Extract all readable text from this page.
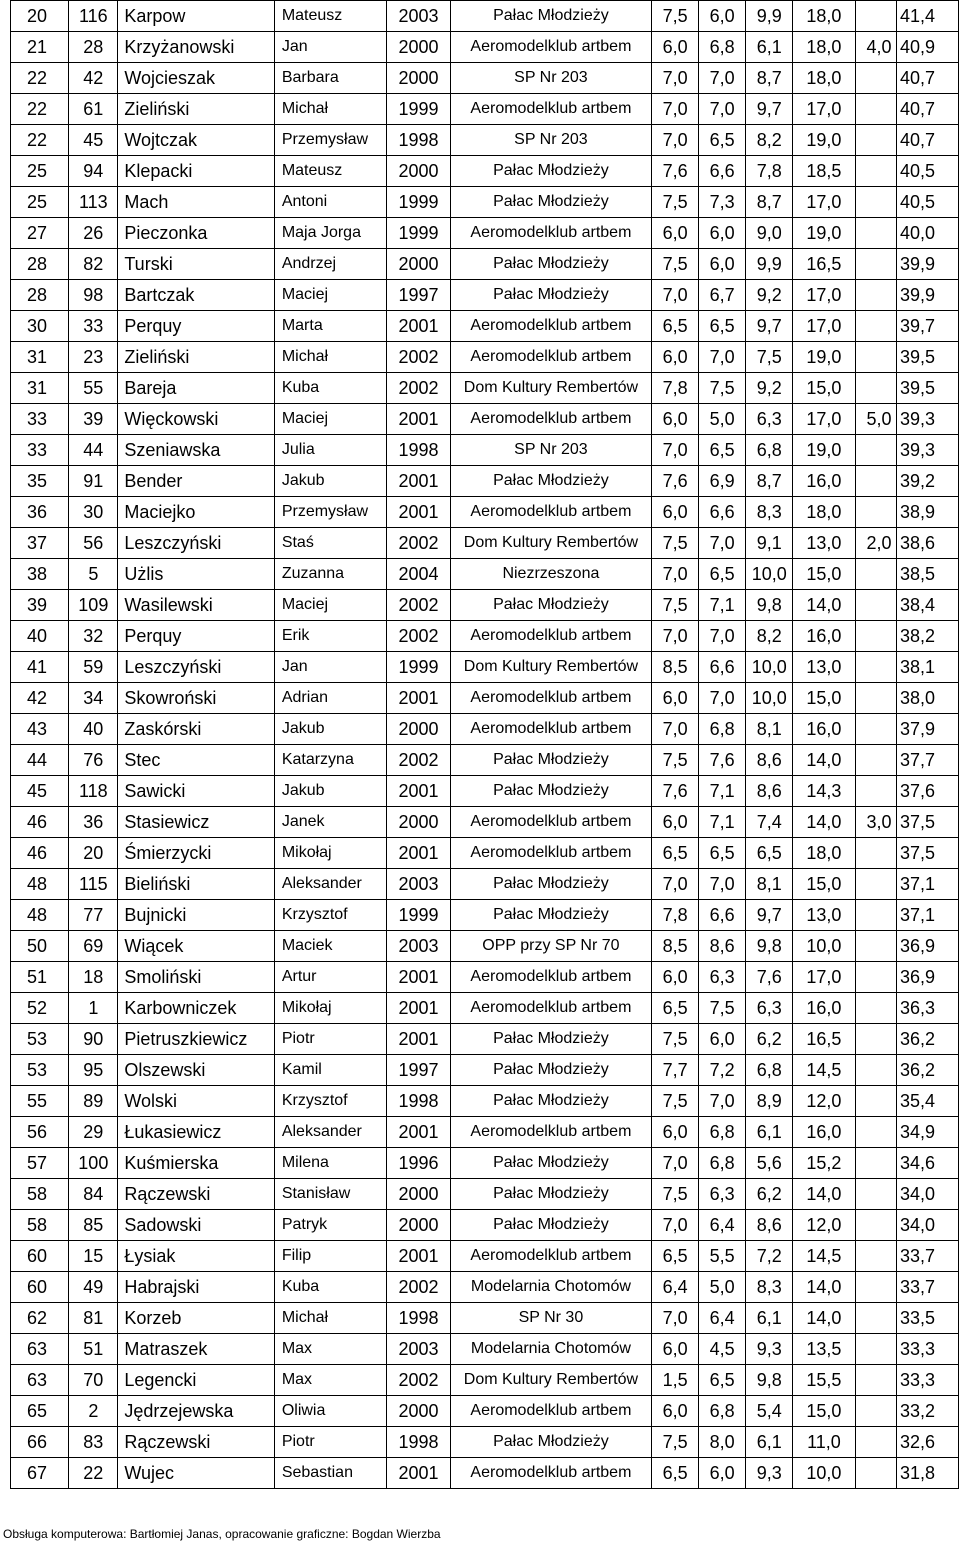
20	116	Karpow	Mateusz	2003	Pałac Młodzieży	7,5	6,0	9,9	18,0		41,4
21	28	Krzyżanowski	Jan	2000	Aeromodelklub artbem	6,0	6,8	6,1	18,0	4,0	40,9
22	42	Wojcieszak	Barbara	2000	SP Nr 203	7,0	7,0	8,7	18,0		40,7
22	61	Zieliński	Michał	1999	Aeromodelklub artbem	7,0	7,0	9,7	17,0		40,7
22	45	Wojtczak	Przemysław	1998	SP Nr 203	7,0	6,5	8,2	19,0		40,7
25	94	Klepacki	Mateusz	2000	Pałac Młodzieży	7,6	6,6	7,8	18,5		40,5
25	113	Mach	Antoni	1999	Pałac Młodzieży	7,5	7,3	8,7	17,0		40,5
27	26	Pieczonka	Maja Jorga	1999	Aeromodelklub artbem	6,0	6,0	9,0	19,0		40,0
28	82	Turski	Andrzej	2000	Pałac Młodzieży	7,5	6,0	9,9	16,5		39,9
28	98	Bartczak	Maciej	1997	Pałac Młodzieży	7,0	6,7	9,2	17,0		39,9
30	33	Perquy	Marta	2001	Aeromodelklub artbem	6,5	6,5	9,7	17,0		39,7
31	23	Zieliński	Michał	2002	Aeromodelklub artbem	6,0	7,0	7,5	19,0		39,5
31	55	Bareja	Kuba	2002	Dom Kultury Rembertów	7,8	7,5	9,2	15,0		39,5
33	39	Więckowski	Maciej	2001	Aeromodelklub artbem	6,0	5,0	6,3	17,0	5,0	39,3
33	44	Szeniawska	Julia	1998	SP Nr 203	7,0	6,5	6,8	19,0		39,3
35	91	Bender	Jakub	2001	Pałac Młodzieży	7,6	6,9	8,7	16,0		39,2
36	30	Maciejko	Przemysław	2001	Aeromodelklub artbem	6,0	6,6	8,3	18,0		38,9
37	56	Leszczyński	Staś	2002	Dom Kultury Rembertów	7,5	7,0	9,1	13,0	2,0	38,6
38	5	Użlis	Zuzanna	2004	Niezrzeszona	7,0	6,5	10,0	15,0		38,5
39	109	Wasilewski	Maciej	2002	Pałac Młodzieży	7,5	7,1	9,8	14,0		38,4
40	32	Perquy	Erik	2002	Aeromodelklub artbem	7,0	7,0	8,2	16,0		38,2
41	59	Leszczyński	Jan	1999	Dom Kultury Rembertów	8,5	6,6	10,0	13,0		38,1
42	34	Skowroński	Adrian	2001	Aeromodelklub artbem	6,0	7,0	10,0	15,0		38,0
43	40	Zaskórski	Jakub	2000	Aeromodelklub artbem	7,0	6,8	8,1	16,0		37,9
44	76	Stec	Katarzyna	2002	Pałac Młodzieży	7,5	7,6	8,6	14,0		37,7
45	118	Sawicki	Jakub	2001	Pałac Młodzieży	7,6	7,1	8,6	14,3		37,6
46	36	Stasiewicz	Janek	2000	Aeromodelklub artbem	6,0	7,1	7,4	14,0	3,0	37,5
46	20	Śmierzycki	Mikołaj	2001	Aeromodelklub artbem	6,5	6,5	6,5	18,0		37,5
48	115	Bieliński	Aleksander	2003	Pałac Młodzieży	7,0	7,0	8,1	15,0		37,1
48	77	Bujnicki	Krzysztof	1999	Pałac Młodzieży	7,8	6,6	9,7	13,0		37,1
50	69	Wiącek	Maciek	2003	OPP przy SP Nr 70	8,5	8,6	9,8	10,0		36,9
51	18	Smoliński	Artur	2001	Aeromodelklub artbem	6,0	6,3	7,6	17,0		36,9
52	1	Karbowniczek	Mikołaj	2001	Aeromodelklub artbem	6,5	7,5	6,3	16,0		36,3
53	90	Pietruszkiewicz	Piotr	2001	Pałac Młodzieży	7,5	6,0	6,2	16,5		36,2
53	95	Olszewski	Kamil	1997	Pałac Młodzieży	7,7	7,2	6,8	14,5		36,2
55	89	Wolski	Krzysztof	1998	Pałac Młodzieży	7,5	7,0	8,9	12,0		35,4
56	29	Łukasiewicz	Aleksander	2001	Aeromodelklub artbem	6,0	6,8	6,1	16,0		34,9
57	100	Kuśmierska	Milena	1996	Pałac Młodzieży	7,0	6,8	5,6	15,2		34,6
58	84	Rączewski	Stanisław	2000	Pałac Młodzieży	7,5	6,3	6,2	14,0		34,0
58	85	Sadowski	Patryk	2000	Pałac Młodzieży	7,0	6,4	8,6	12,0		34,0
60	15	Łysiak	Filip	2001	Aeromodelklub artbem	6,5	5,5	7,2	14,5		33,7
60	49	Habrajski	Kuba	2002	Modelarnia Chotomów	6,4	5,0	8,3	14,0		33,7
62	81	Korzeb	Michał	1998	SP Nr 30	7,0	6,4	6,1	14,0		33,5
63	51	Matraszek	Max	2003	Modelarnia Chotomów	6,0	4,5	9,3	13,5		33,3
63	70	Legencki	Max	2002	Dom Kultury Rembertów	1,5	6,5	9,8	15,5		33,3
65	2	Jędrzejewska	Oliwia	2000	Aeromodelklub artbem	6,0	6,8	5,4	15,0		33,2
66	83	Rączewski	Piotr	1998	Pałac Młodzieży	7,5	8,0	6,1	11,0		32,6
67	22	Wujec	Sebastian	2001	Aeromodelklub artbem	6,5	6,0	9,3	10,0		31,8
Obsługa komputerowa: Bartłomiej Janas, opracowanie graficzne: Bogdan Wierzba
